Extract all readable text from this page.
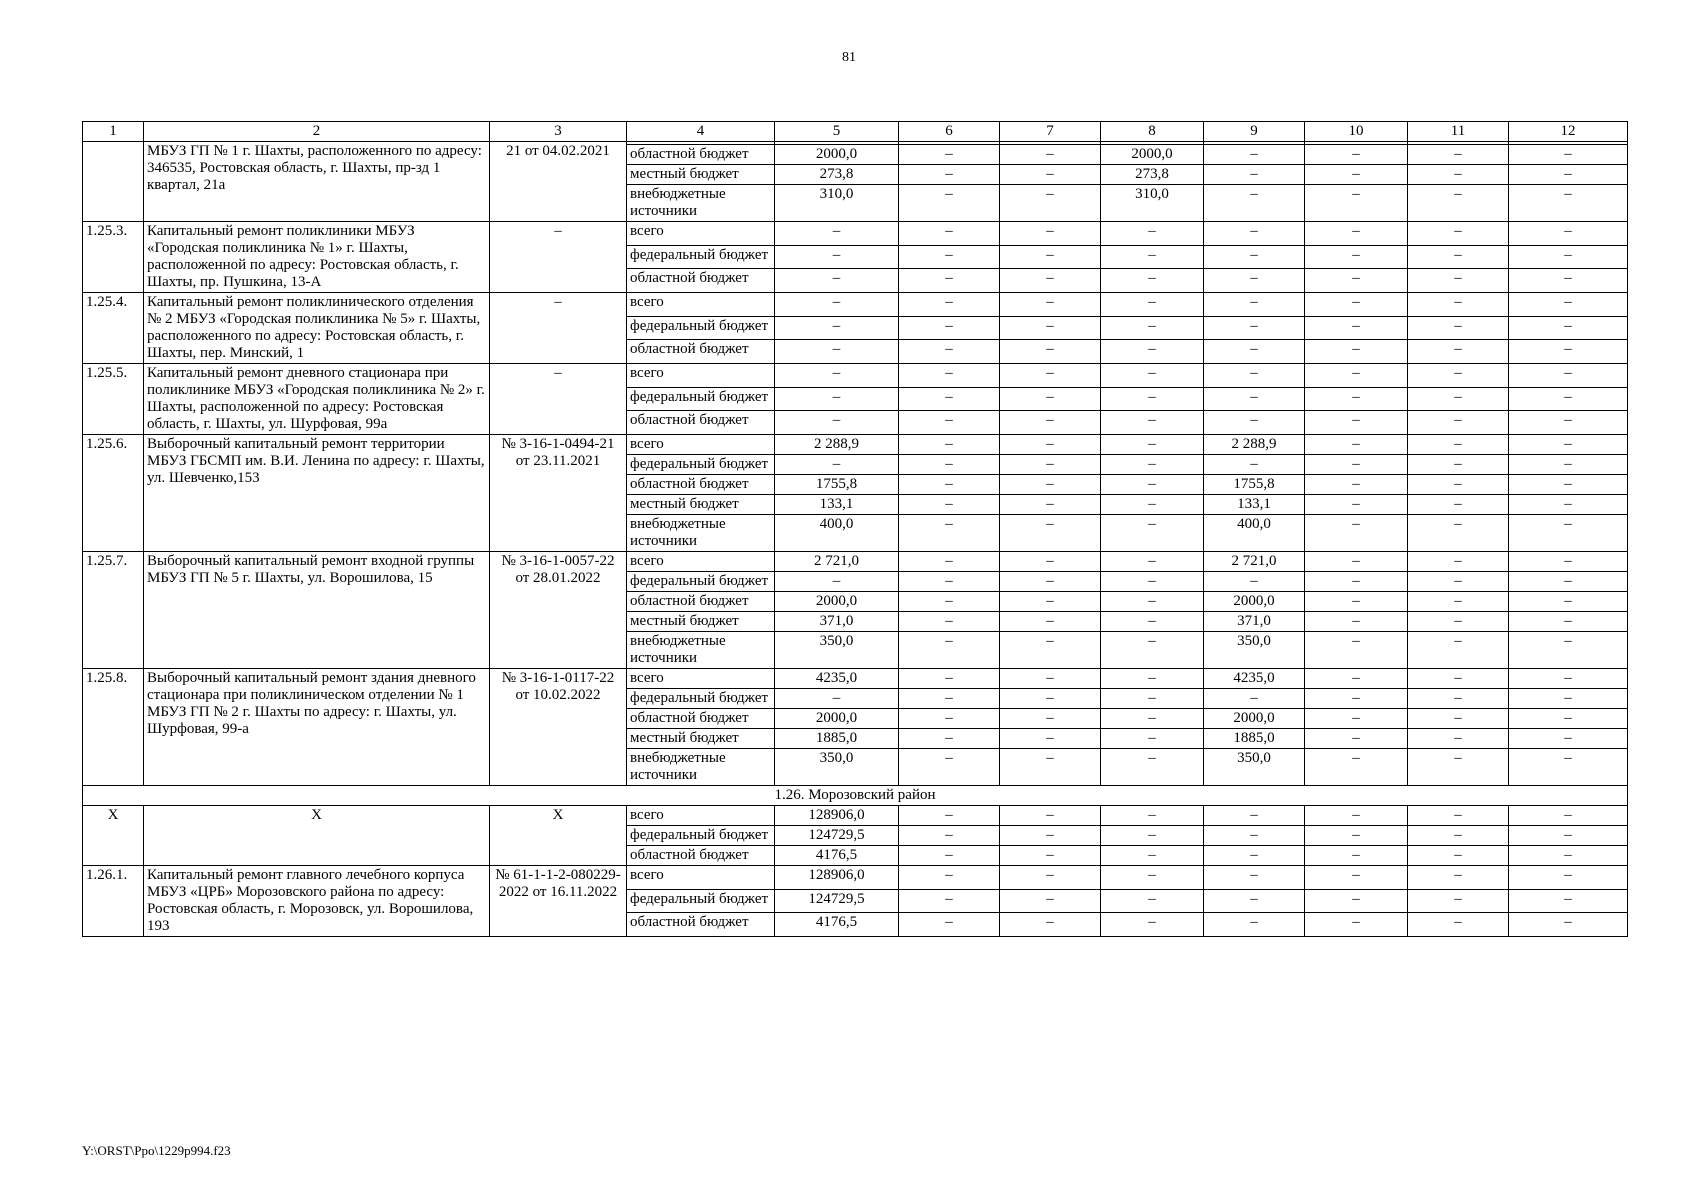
81
1	2	3	4	5	6	7	8	9	10	11	12
	МБУЗ ГП № 1 г. Шахты, расположенного по адресу: 346535, Ростовская область, г. Шахты, пр-зд 1 квартал, 21а	21 от 04.02.2021									
			областной бюджет	2000,0	–	–	2000,0	–	–	–	–
			местный бюджет	273,8	–	–	273,8	–	–	–	–
			внебюджетные источники	310,0	–	–	310,0	–	–	–	–
1.25.3.	Капитальный ремонт поликлиники МБУЗ «Городская поликлиника № 1» г. Шахты, расположенной по адресу: Ростовская область, г. Шахты, пр. Пушкина, 13-А	–	всего	–	–	–	–	–	–	–	–
			федеральный бюджет	–	–	–	–	–	–	–	–
			областной бюджет	–	–	–	–	–	–	–	–
1.25.4.	Капитальный ремонт поликлинического отделения № 2 МБУЗ «Городская поликлиника № 5» г. Шахты, расположенного по адресу: Ростовская область, г. Шахты, пер. Минский, 1	–	всего	–	–	–	–	–	–	–	–
			федеральный бюджет	–	–	–	–	–	–	–	–
			областной бюджет	–	–	–	–	–	–	–	–
1.25.5.	Капитальный ремонт дневного стационара при поликлинике МБУЗ «Городская поликлиника № 2» г. Шахты, расположенной по адресу: Ростовская область, г. Шахты, ул. Шурфовая, 99а	–	всего	–	–	–	–	–	–	–	–
			федеральный бюджет	–	–	–	–	–	–	–	–
			областной бюджет	–	–	–	–	–	–	–	–
1.25.6.	Выборочный капитальный ремонт территории МБУЗ ГБСМП им. В.И. Ленина по адресу: г. Шахты, ул. Шевченко,153	№ 3-16-1-0494-21 от 23.11.2021	всего	2 288,9	–	–	–	2 288,9	–	–	–
			федеральный бюджет	–	–	–	–	–	–	–	–
			областной бюджет	1755,8	–	–	–	1755,8	–	–	–
			местный бюджет	133,1	–	–	–	133,1	–	–	–
			внебюджетные источники	400,0	–	–	–	400,0	–	–	–
1.25.7.	Выборочный капитальный ремонт входной группы МБУЗ ГП № 5 г. Шахты, ул. Ворошилова, 15	№ 3-16-1-0057-22 от 28.01.2022	всего	2 721,0	–	–	–	2 721,0	–	–	–
			федеральный бюджет	–	–	–	–	–	–	–	–
			областной бюджет	2000,0	–	–	–	2000,0	–	–	–
			местный бюджет	371,0	–	–	–	371,0	–	–	–
			внебюджетные источники	350,0	–	–	–	350,0	–	–	–
1.25.8.	Выборочный капитальный ремонт здания дневного стационара при поликлиническом отделении № 1 МБУЗ ГП № 2 г. Шахты по адресу: г. Шахты, ул. Шурфовая, 99-а	№ 3-16-1-0117-22 от 10.02.2022	всего	4235,0	–	–	–	4235,0	–	–	–
			федеральный бюджет	–	–	–	–	–	–	–	–
			областной бюджет	2000,0	–	–	–	2000,0	–	–	–
			местный бюджет	1885,0	–	–	–	1885,0	–	–	–
			внебюджетные источники	350,0	–	–	–	350,0	–	–	–
1.26. Морозовский район											
Х	Х	Х	всего	128906,0	–	–	–	–	–	–	–
			федеральный бюджет	124729,5	–	–	–	–	–	–	–
			областной бюджет	4176,5	–	–	–	–	–	–	–
1.26.1.	Капитальный ремонт главного лечебного корпуса МБУЗ «ЦРБ» Морозовского района по адресу: Ростовская область, г. Морозовск, ул. Ворошилова, 193	№ 61-1-1-2-080229-2022 от 16.11.2022	всего	128906,0	–	–	–	–	–	–	–
			федеральный бюджет	124729,5	–	–	–	–	–	–	–
			областной бюджет	4176,5	–	–	–	–	–	–	–
Y:\ORST\Ppo\1229p994.f23
